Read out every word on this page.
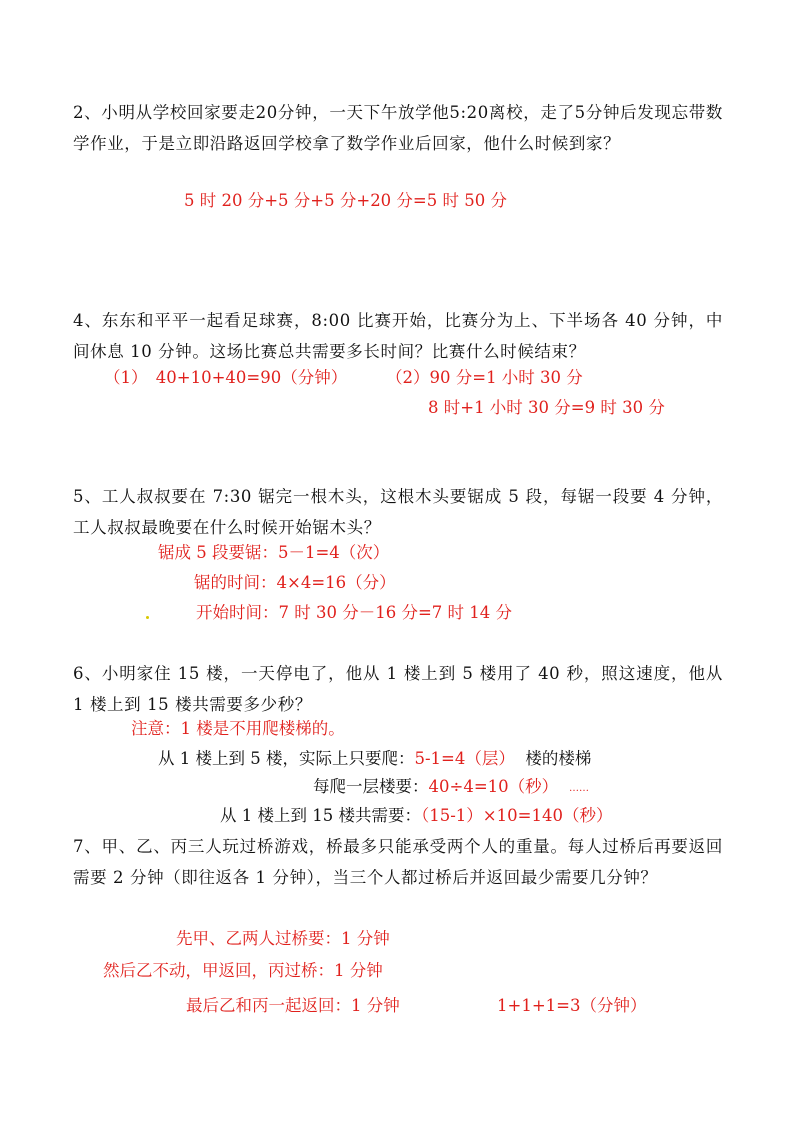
2、小明从学校回家要走20分钟，一天下午放学他5:20离校，走了5分钟后发现忘带数学作业，于是立即沿路返回学校拿了数学作业后回家，他什么时候到家？

5 时 20 分+5 分+5 分+20 分=5 时 50 分

4、东东和平平一起看足球赛，8:00 比赛开始，比赛分为上、下半场各 40 分钟，中间休息 10 分钟。这场比赛总共需要多长时间？比赛什么时候结束？

（1）　40+10+40=90（分钟） （2）90 分=1 小时 30 分

8 时+1 小时 30 分=9 时 30 分

5、工人叔叔要在 7:30 锯完一根木头，这根木头要锯成 5 段，每锯一段要 4 分钟，工人叔叔最晚要在什么时候开始锯木头？

锯成 5 段要锯：5－1=4（次）

锯的时间：4×4=16（分）

开始时间：7 时 30 分－16 分=7 时 14 分

6、小明家住 15 楼，一天停电了，他从 1 楼上到 5 楼用了 40 秒，照这速度，他从 1 楼上到 15 楼共需要多少秒？

注意：1 楼是不用爬楼梯的。

从 1 楼上到 5 楼，实际上只要爬：5-1=4（层） 楼的楼梯

每爬一层楼要：40÷4=10（秒） ……

从 1 楼上到 15 楼共需要：（15-1）×10=140（秒）

7、甲、乙、丙三人玩过桥游戏，桥最多只能承受两个人的重量。每人过桥后再要返回需要 2 分钟（即往返各 1 分钟），当三个人都过桥后并返回最少需要几分钟？

先甲、乙两人过桥要：1 分钟

然后乙不动，甲返回，丙过桥：1 分钟

最后乙和丙一起返回：1 分钟	1+1+1=3（分钟）
